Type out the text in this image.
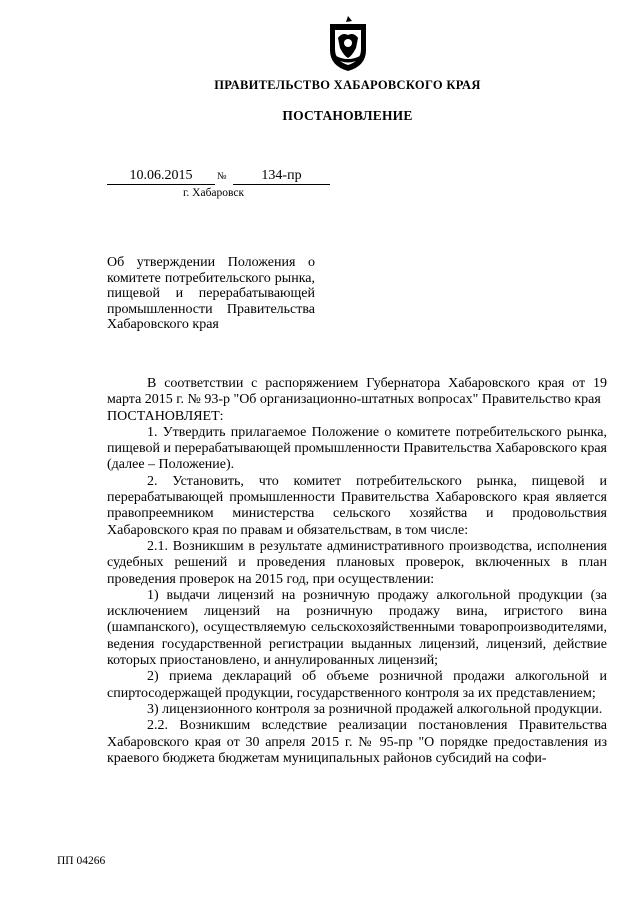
ПРАВИТЕЛЬСТВО ХАБАРОВСКОГО КРАЯ
ПОСТАНОВЛЕНИЕ
10.06.2015	№	134-пр
г. Хабаровск
Об утверждении Положения о комитете потребительского рынка, пищевой и перерабатывающей промышленности Правительства Хабаровского края

В соответствии с распоряжением Губернатора Хабаровского края от 19 марта 2015 г. № 93-р "Об организационно-штатных вопросах" Правительство края

ПОСТАНОВЛЯЕТ:

1. Утвердить прилагаемое Положение о комитете потребительского рынка, пищевой и перерабатывающей промышленности Правительства Хабаровского края (далее – Положение).

2. Установить, что комитет потребительского рынка, пищевой и перерабатывающей промышленности Правительства Хабаровского края является правопреемником министерства сельского хозяйства и продовольствия Хабаровского края по правам и обязательствам, в том числе:

2.1. Возникшим в результате административного производства, исполнения судебных решений и проведения плановых проверок, включенных в план проведения проверок на 2015 год, при осуществлении:

1) выдачи лицензий на розничную продажу алкогольной продукции (за исключением лицензий на розничную продажу вина, игристого вина (шампанского), осуществляемую сельскохозяйственными товаропроизводителями, ведения государственной регистрации выданных лицензий, лицензий, действие которых приостановлено, и аннулированных лицензий;

2) приема деклараций об объеме розничной продажи алкогольной и спиртосодержащей продукции, государственного контроля за их представлением;

3) лицензионного контроля за розничной продажей алкогольной продукции.

2.2. Возникшим вследствие реализации постановления Правительства Хабаровского края от 30 апреля 2015 г. № 95-пр "О порядке предоставления из краевого бюджета бюджетам муниципальных районов субсидий на софи-

ПП 04266
